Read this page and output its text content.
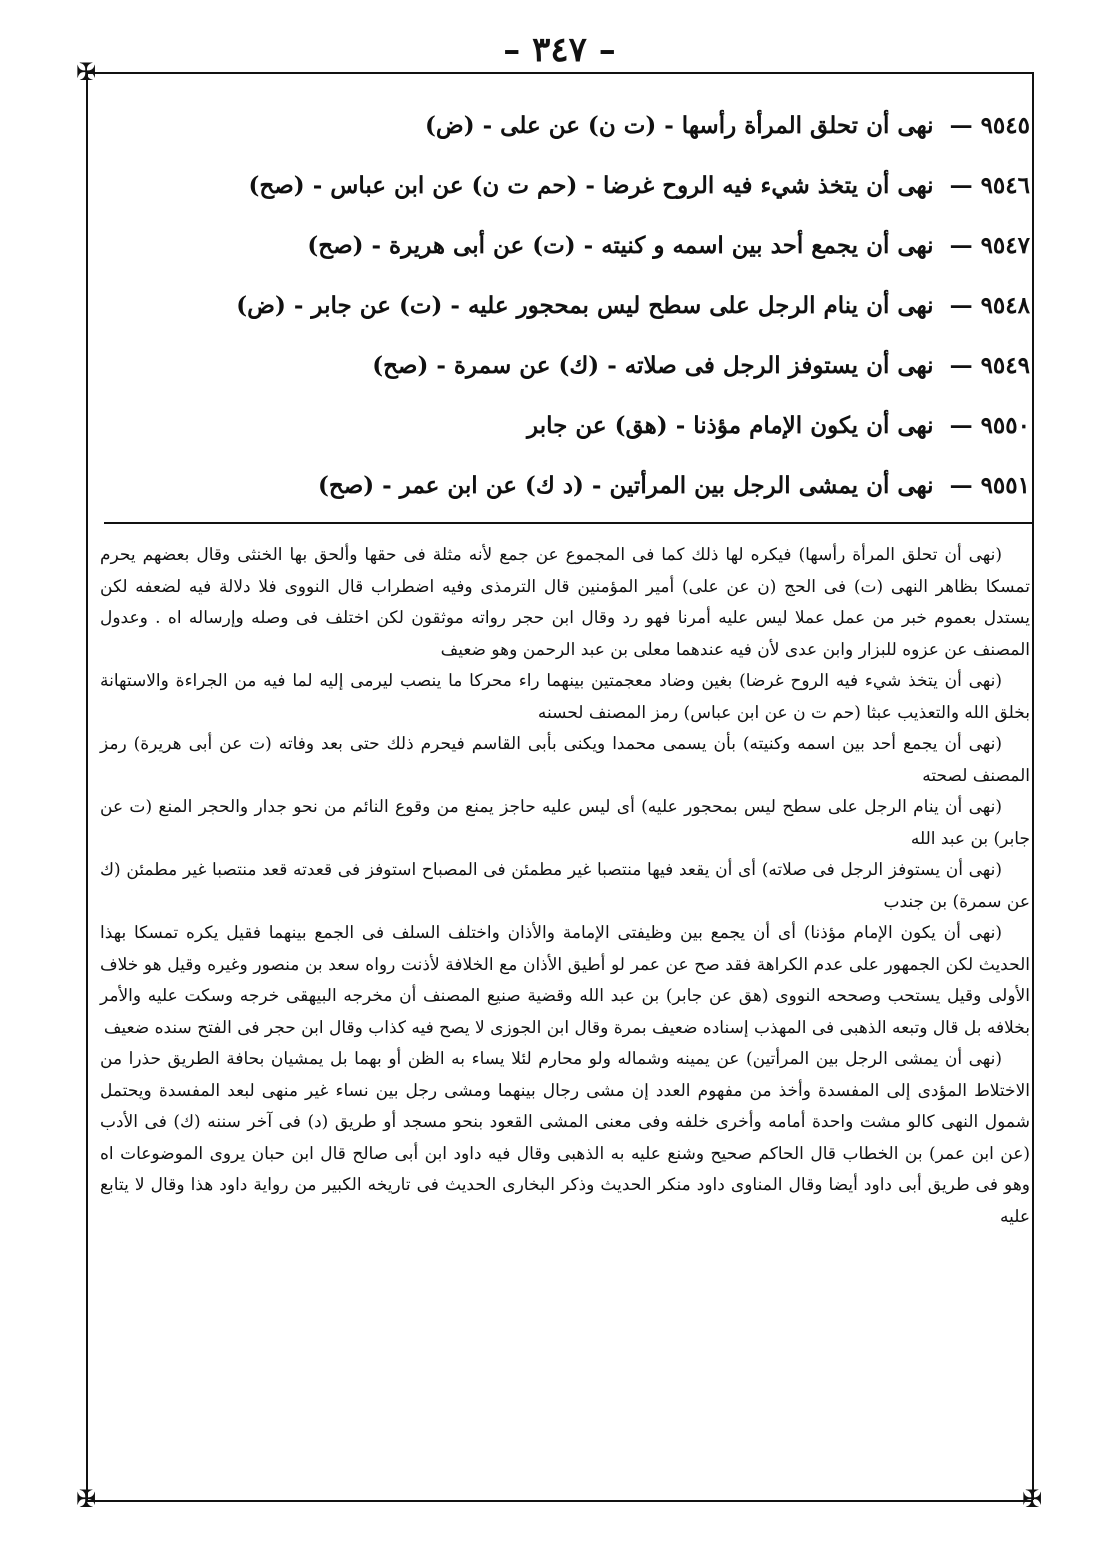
– ٣٤٧ –
✠
✠	✠
٩٥٤٥ — نهى أن تحلق المرأة رأسها - (ت ن) عن على - (ض)
٩٥٤٦ — نهى أن يتخذ شيء فيه الروح غرضا - (حم ت ن) عن ابن عباس - (صح)
٩٥٤٧ — نهى أن يجمع أحد بين اسمه و كنيته - (ت) عن أبى هريرة - (صح)
٩٥٤٨ — نهى أن ينام الرجل على سطح ليس بمحجور عليه - (ت) عن جابر - (ض)
٩٥٤٩ — نهى أن يستوفز الرجل فى صلاته - (ك) عن سمرة - (صح)
٩٥٥٠ — نهى أن يكون الإمام مؤذنا - (هق) عن جابر
٩٥٥١ — نهى أن يمشى الرجل بين المرأتين - (د ك) عن ابن عمر - (صح)

(نهى أن تحلق المرأة رأسها) فيكره لها ذلك كما فى المجموع عن جمع لأنه مثلة فى حقها وألحق بها الخنثى وقال بعضهم يحرم تمسكا بظاهر النهى (ت) فى الحج (ن عن على) أمير المؤمنين قال الترمذى وفيه اضطراب قال النووى فلا دلالة فيه لضعفه لكن يستدل بعموم خبر من عمل عملا ليس عليه أمرنا فهو رد وقال ابن حجر رواته موثقون لكن اختلف فى وصله وإرساله اه . وعدول المصنف عن عزوه للبزار وابن عدى لأن فيه عندهما معلى بن عبد الرحمن وهو ضعيف

(نهى أن يتخذ شيء فيه الروح غرضا) بغين وضاد معجمتين بينهما راء محركا ما ينصب ليرمى إليه لما فيه من الجراءة والاستهانة بخلق الله والتعذيب عبثا (حم ت ن عن ابن عباس) رمز المصنف لحسنه

(نهى أن يجمع أحد بين اسمه وكنيته) بأن يسمى محمدا ويكنى بأبى القاسم فيحرم ذلك حتى بعد وفاته (ت عن أبى هريرة) رمز المصنف لصحته

(نهى أن ينام الرجل على سطح ليس بمحجور عليه) أى ليس عليه حاجز يمنع من وقوع النائم من نحو جدار والحجر المنع (ت عن جابر) بن عبد الله

(نهى أن يستوفز الرجل فى صلاته) أى أن يقعد فيها منتصبا غير مطمئن فى المصباح استوفز فى قعدته قعد منتصبا غير مطمئن (ك عن سمرة) بن جندب

(نهى أن يكون الإمام مؤذنا) أى أن يجمع بين وظيفتى الإمامة والأذان واختلف السلف فى الجمع بينهما فقيل يكره تمسكا بهذا الحديث لكن الجمهور على عدم الكراهة فقد صح عن عمر لو أطيق الأذان مع الخلافة لأذنت رواه سعد بن منصور وغيره وقيل هو خلاف الأولى وقيل يستحب وصححه النووى (هق عن جابر) بن عبد الله وقضية صنيع المصنف أن مخرجه البيهقى خرجه وسكت عليه والأمر بخلافه بل قال وتبعه الذهبى فى المهذب إسناده ضعيف بمرة وقال ابن الجوزى لا يصح فيه كذاب وقال ابن حجر فى الفتح سنده ضعيف

(نهى أن يمشى الرجل بين المرأتين) عن يمينه وشماله ولو محارم لئلا يساء به الظن أو بهما بل يمشيان بحافة الطريق حذرا من الاختلاط المؤدى إلى المفسدة وأخذ من مفهوم العدد إن مشى رجال بينهما ومشى رجل بين نساء غير منهى لبعد المفسدة ويحتمل شمول النهى كالو مشت واحدة أمامه وأخرى خلفه وفى معنى المشى القعود بنحو مسجد أو طريق (د) فى آخر سننه (ك) فى الأدب (عن ابن عمر) بن الخطاب قال الحاكم صحيح وشنع عليه به الذهبى وقال فيه داود ابن أبى صالح قال ابن حبان يروى الموضوعات اه وهو فى طريق أبى داود أيضا وقال المناوى داود منكر الحديث وذكر البخارى الحديث فى تاريخه الكبير من رواية داود هذا وقال لا يتابع عليه
